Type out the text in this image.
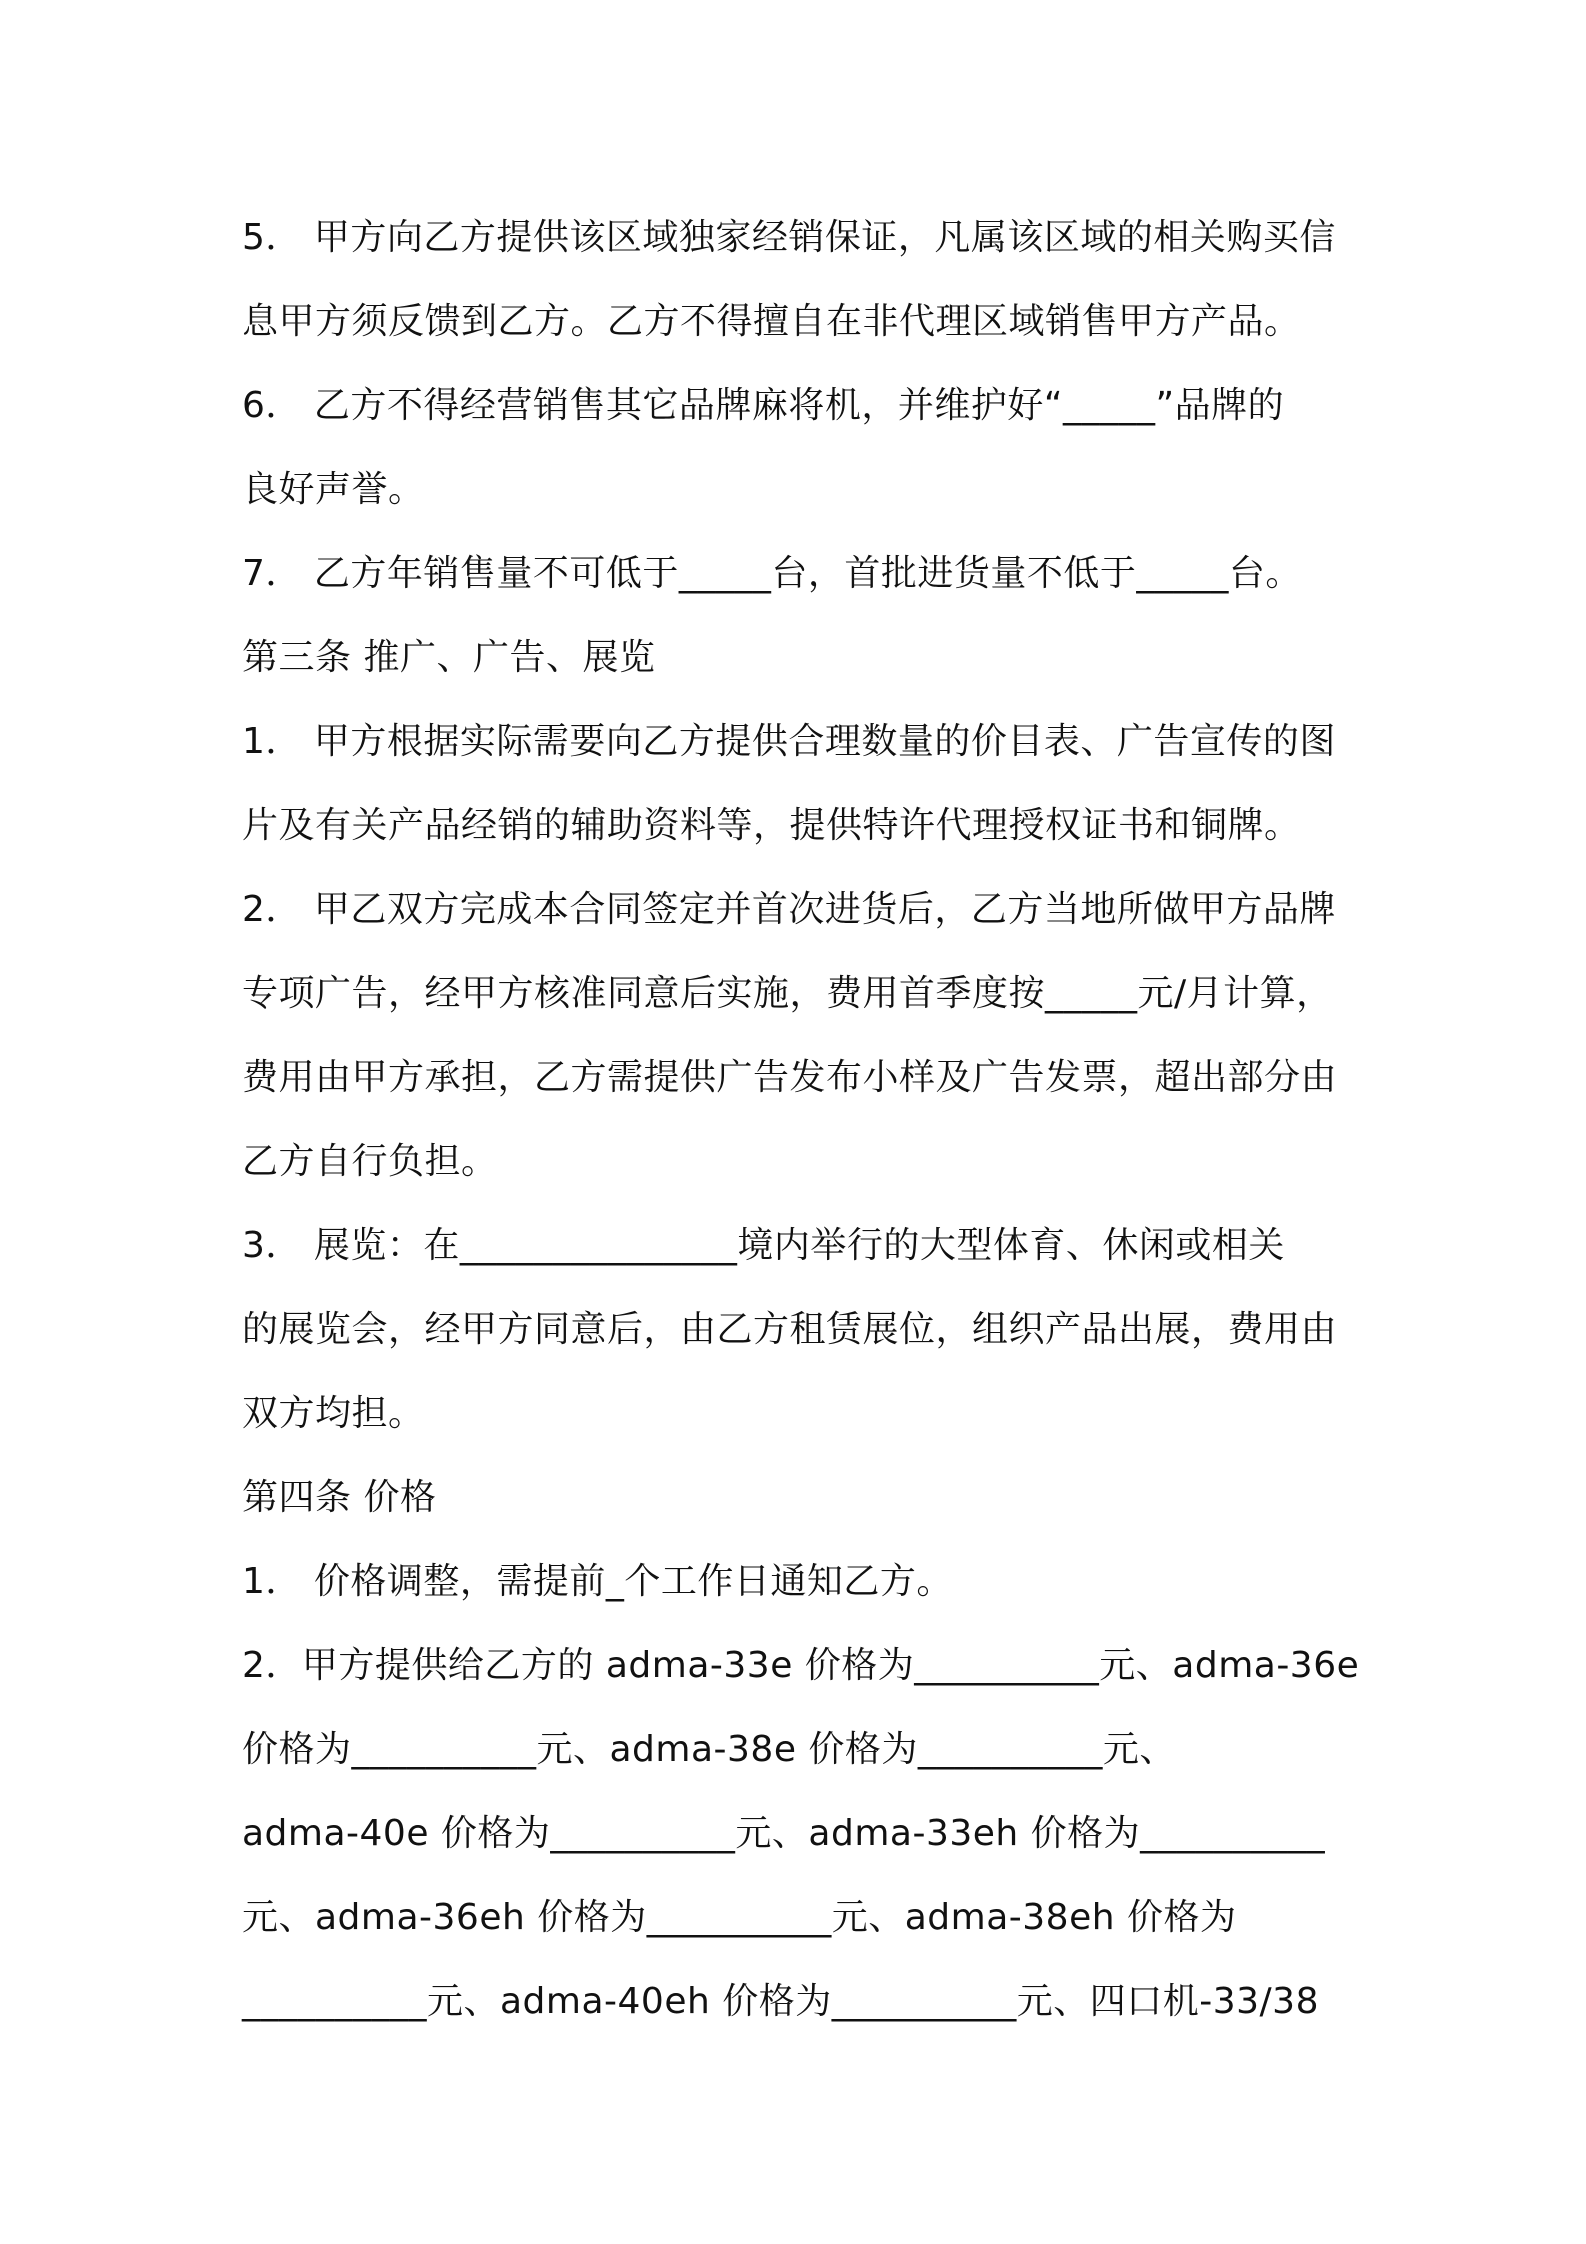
5． 甲方向乙方提供该区域独家经销保证，凡属该区域的相关购买信
息甲方须反馈到乙方。乙方不得擅自在非代理区域销售甲方产品。
6． 乙方不得经营销售其它品牌麻将机，并维护好“_____”品牌的
良好声誉。
7． 乙方年销售量不可低于_____台，首批进货量不低于_____台。
第三条 推广、广告、展览
1． 甲方根据实际需要向乙方提供合理数量的价目表、广告宣传的图
片及有关产品经销的辅助资料等，提供特许代理授权证书和铜牌。
2． 甲乙双方完成本合同签定并首次进货后，乙方当地所做甲方品牌
专项广告，经甲方核准同意后实施，费用首季度按_____元/月计算，
费用由甲方承担，乙方需提供广告发布小样及广告发票，超出部分由
乙方自行负担。
3． 展览：在_______________境内举行的大型体育、休闲或相关
的展览会，经甲方同意后，由乙方租赁展位，组织产品出展，费用由
双方均担。
第四条 价格
1． 价格调整，需提前_个工作日通知乙方。
2．甲方提供给乙方的 adma-33e 价格为__________元、adma-36e
价格为__________元、adma-38e 价格为__________元、
adma-40e 价格为__________元、adma-33eh 价格为__________
元、adma-36eh 价格为__________元、adma-38eh 价格为
__________元、adma-40eh 价格为__________元、四口机-33/38
